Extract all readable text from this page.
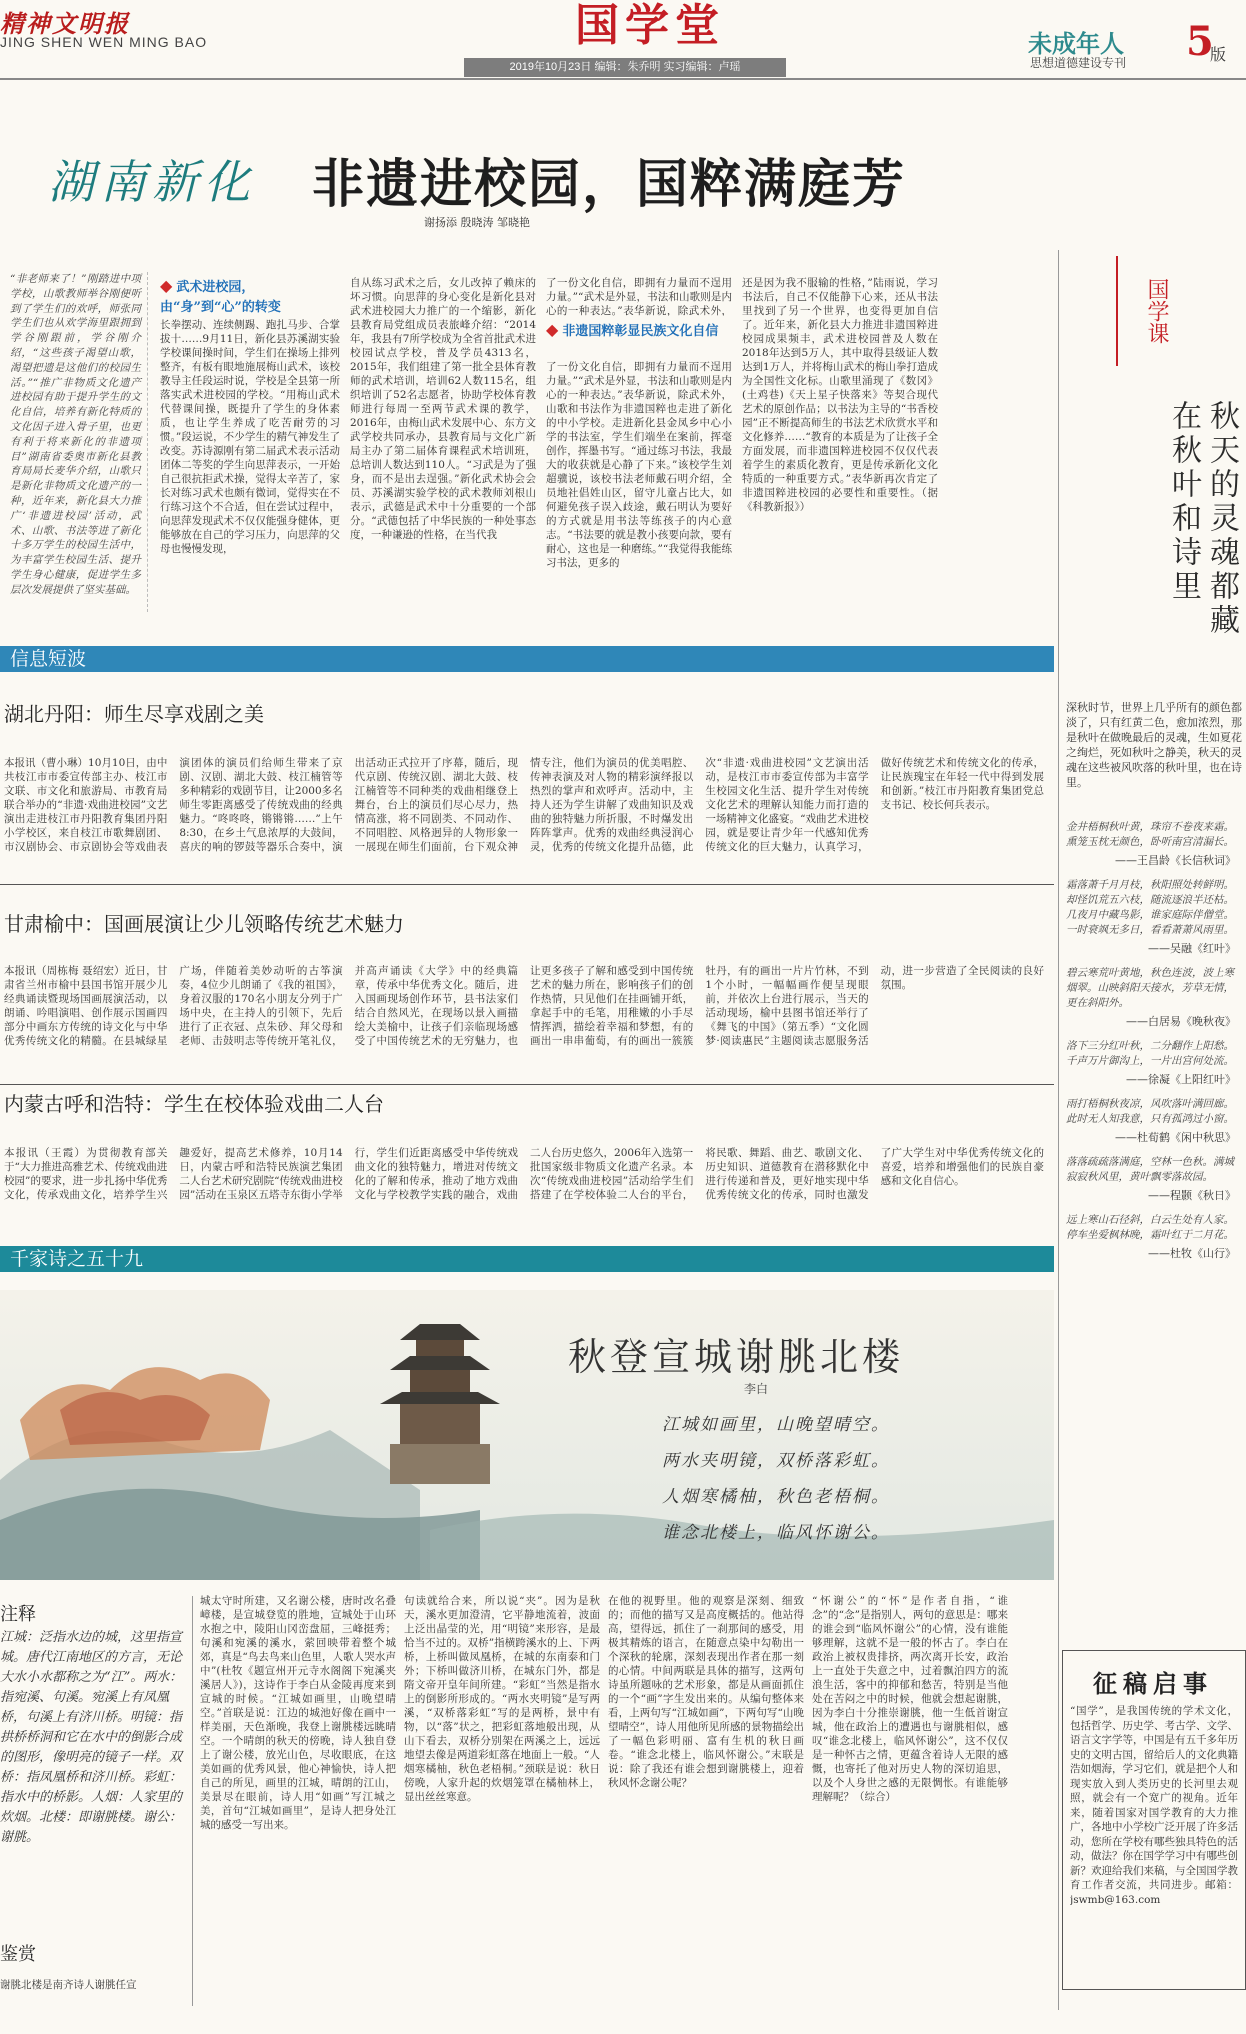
精神文明报
JING SHEN WEN MING BAO	国学堂
2019年10月23日 编辑：朱乔明 实习编辑：卢瑶
未成年人
思想道德建设专刊 5
版
湖南新化 非遗进校园，国粹满庭芳
谢扬添 殷晓涛 邹晓艳
“非老师来了！”刚踏进中项学校，山歌教师举谷刚便听到了学生们的欢呼，师张同学生们也从欢学海里跟拥到学谷刚跟前，学谷刚介绍，“这些孩子渴望山歌，渴望把遗是这他们的校园生活。”“推广非物质文化遗产进校园有助于提升学生的文化自信，培养有新化特质的文化因子进入骨子里，也更有利于将来新化的非遗项目”湖南省委奥市新化县教育局局长麦华介绍，山歌只是新化非物质文化遗产的一种，近年来，新化县大力推广‘非遗进校园’活动，武术、山歌、书法等进了新化十多万学生的校园生活中，为丰富学生校园生活、提升学生身心健康，促进学生多层次发展提供了坚实基础。
◆ 武术进校园，由“身”到“心”的转变
长拳摆动、连续侧踢、跑扎马步、合掌拔十……9月11日，新化县苏溪湖实验学校课间操时间，学生们在操场上排列整齐，有板有眼地施展梅山武术，该校教导主任段运时说，学校是全县第一所落实武术进校园的学校。“用梅山武术代替课间操，既提升了学生的身体素质，也让学生养成了吃苦耐劳的习惯。”段运说，不少学生的精气神发生了改变。苏诗源刚有第二届武术表示活动团体二等奖的学生向思萍表示，一开始自己很抗拒武术操，觉得太辛苦了，家长对练习武术也颇有微词，觉得实在不行练习这个不合适，但在尝试过程中，向思萍发现武术不仅仅能强身健体，更能够放在自己的学习压力，向思萍的父母也慢慢发现，
自从练习武术之后，女儿改掉了赖床的坏习惯。向思萍的身心变化是新化县对武术进校园大力推广的一个缩影，新化县教育局党组成员表旅峰介绍：“2014年，我县有7所学校成为全省首批武术进校园试点学校，普及学员4313名，2015年，我们组建了第一批全县体育教师的武术培训，培训62人数115名，组织培训了52名志愿者，协助学校体育教师进行每周一至两节武术课的教学，2016年，由梅山武术发展中心、东方文武学校共同承办，县教育局与文化广新局主办了第二届体育课程武术培训班，总培训人数达到110人。“习武是为了强身，而不是出去逞强。”新化武术协会会员、苏溪湖实验学校的武术教师刘根山表示，武德是武术中十分重要的一个部分。“武德包括了中华民族的一种处事态度，一种谦逊的性格，在当代我
了一份文化自信，即拥有力量而不逞用力量。”“武术是外显，书法和山歌则是内心的一种表达。”表华新说，除武术外，
◆ 非遗国粹彰显民族文化自信
了一份文化自信，即拥有力量而不逞用力量。”“武术是外显，书法和山歌则是内心的一种表达。”表华新说，除武术外，山歌和书法作为非遗国粹也走进了新化的中小学校。走进新化县金凤乡中心小学的书法室，学生们端坐在案前，挥毫创作，挥墨书写。“通过练习书法，我最大的收获就是心静了下来。”该校学生刘超骥说，该校书法老师戴石明介绍，全员地社倡姓山区，留守儿童占比大，如何避免孩子误入歧途，戴石明认为要好的方式就是用书法等练孩子的内心意志。“书法要的就是教小孩要向款，要有耐心，这也是一种磨练。”“我觉得我能练习书法，更多的
还是因为我不服输的性格，”陆雨说，学习书法后，自己不仅能静下心来，还从书法里找到了另一个世界，也变得更加自信了。近年来，新化县大力推进非遗国粹进校园成果频丰，武术进校园普及人数在2018年达到5万人，其中取得县级证人数达到1万人，并将梅山武术的梅山拳打造成为全国性文化标。山歌里涌现了《数冈》(土鸡巷)《天上星子快落来》等契合现代艺术的原创作品；以书法为主导的“书香校园”正不断提高师生的书法艺术欣赏水平和文化修养……“教育的本质是为了让孩子全方面发展，而非遗国粹进校园不仅仅代表着学生的素质化教育，更是传承新化文化特质的一种重要方式。”表华新再次肯定了非遗国粹进校园的必要性和重要性。（据《科教新报》）
信息短波
湖北丹阳：师生尽享戏剧之美
本报讯（曹小琳）10月10日，由中共枝江市市委宣传部主办、枝江市文联、市文化和旅游局、市教育局联合举办的“非遗·戏曲进校园”文艺演出走进枝江市丹阳教育集团丹阳小学校区，来自枝江市歌舞剧团、市汉剧协会、市京剧协会等戏曲表演团体的演员们给师生带来了京剧、汉剧、湖北大鼓、枝江楠管等多种精彩的戏剧节目，让2000多名师生零距离感受了传统戏曲的经典魅力。“咚咚咚，锵锵锵……”上午8:30，在乡土气息浓厚的大鼓间，喜庆的响的锣鼓等器乐合奏中，演出活动正式拉开了序幕，随后，现代京剧、传统汉剧、湖北大鼓、枝江楠管等不同种类的戏曲相继登上舞台，台上的演员们尽心尽力，热情高涨，将不同剧类、不同动作、不同唱腔、风格迥异的人物形象一一展现在师生们面前，台下观众神情专注，他们为演员的优美唱腔、传神表演及对人物的精彩演绎报以热烈的掌声和欢呼声。活动中，主持人还为学生讲解了戏曲知识及戏曲的独特魅力所折服，不时爆发出阵阵掌声。优秀的戏曲经典浸润心灵，优秀的传统文化提升品德，此次“非遗·戏曲进校园”文艺演出活动，是枝江市市委宣传部为丰富学生校园文化生活、提升学生对传统文化艺术的理解认知能力而打造的一场精神文化盛宴。“戏曲艺术进校园，就是要让青少年一代感知优秀传统文化的巨大魅力，认真学习，做好传统艺术和传统文化的传承，让民族瑰宝在年轻一代中得到发展和创新。”枝江市丹阳教育集团党总支书记、校长何兵表示。
甘肃榆中：国画展演让少儿领略传统艺术魅力
本报讯（周栋梅 聂绍宏）近日，甘肃省兰州市榆中县国书馆开展少儿经典诵读暨现场国画展演活动，以朗诵、吟唱演唱、创作展示国画四部分中画东方传统的诗文化与中华优秀传统文化的精髓。在县城绿星广场，伴随着美妙动听的古筝演奏，4位少儿朗诵了《我的祖国》，身着汉服的170名小朋友分列于广场中央，在主持人的引领下，先后进行了正衣冠、点朱砂、拜父母和老师、击鼓明志等传统开笔礼仪，并高声诵读《大学》中的经典篇章，传承中华优秀文化。随后，进入国画现场创作环节，县书法家们结合自然风光，在现场以景入画描绘大美榆中，让孩子们亲临现场感受了中国传统艺术的无穷魅力，也让更多孩子了解和感受到中国传统艺术的魅力所在，影响孩子们的创作热情，只见他们在挂画铺开纸，拿起手中的毛笔，用稚嫩的小手尽情挥洒，描绘着幸福和梦想，有的画出一串串葡萄，有的画出一簇簇牡丹，有的画出一片片竹林，不到1个小时，一幅幅画作便呈现眼前，并依次上台进行展示，当天的活动现场，榆中县图书馆还举行了《舞飞的中国》（第五季）“文化圆梦·阅读惠民”主题阅读志愿服务活动，进一步营造了全民阅读的良好氛围。
内蒙古呼和浩特：学生在校体验戏曲二人台
本报讯（王霞）为贯彻教育部关于“大力推进高雅艺术、传统戏曲进校园”的要求，进一步扎扬中华优秀文化，传承戏曲文化，培养学生兴趣爱好，提高艺术修养，10月14日，内蒙古呼和浩特民族演艺集团二人台艺术研究剧院“传统戏曲进校园”活动在玉泉区五塔寺东街小学举行，学生们近距离感受中华传统戏曲文化的独特魅力，增进对传统文化的了解和传承，推动了地方戏曲文化与学校教学实践的融合，戏曲二人台历史悠久，2006年入选第一批国家级非物质文化遗产名录。本次“传统戏曲进校园”活动给学生们搭建了在学校体验二人台的平台，将民歌、舞蹈、曲艺、歌剧文化、历史知识、道德教育在潜移默化中进行传递和普及，更好地实现中华优秀传统文化的传承，同时也激发了广大学生对中华优秀传统文化的喜爱，培养和增强他们的民族自豪感和文化自信心。
千家诗之五十九
秋登宣城谢朓北楼
李白
江城如画里，山晚望晴空。
两水夹明镜，双桥落彩虹。
人烟寒橘柚，秋色老梧桐。
谁念北楼上，临风怀谢公。
注释
江城：泛指水边的城，这里指宣城。唐代江南地区的方言，无论大水小水都称之为“江”。两水：指宛溪、句溪。宛溪上有凤凰桥，句溪上有济川桥。明镜：指拱桥桥洞和它在水中的倒影合成的图形，像明亮的镜子一样。双桥：指凤凰桥和济川桥。彩虹：指水中的桥影。人烟：人家里的炊烟。北楼：即谢朓楼。谢公：谢朓。
鉴赏
谢朓北楼是南齐诗人谢朓任宣
城太守时所建，又名谢公楼，唐时改名叠嶂楼，是宣城登览的胜地，宣城处于山环水抱之中，陵阳山冈峦盘屈，三峰挺秀；句溪和宛溪的溪水，萦回映带着整个城郊，真是“鸟去鸟来山色里，人歌人哭水声中”(杜牧《题宣州开元寺水阁阁下宛溪夹溪居人》)，这诗作于李白从金陵再度来到宣城的时候。“江城如画里，山晚望晴空。”首联是说：江边的城池好像在画中一样美丽，天色渐晚，我登上谢朓楼远眺晴空。一个晴朗的秋天的傍晚，诗人独自登上了谢公楼，放光山色，尽收眼底，在这美如画的优秀风景，他心神愉快，诗人把自己的所见，画里的江城，晴朗的江山，美景尽在眼前，诗人用“如画”写江城之美，首句“江城如画里”，是诗人把身处江城的感受一写出来。
句读就给合来，所以说“夹”。因为是秋天，溪水更加澄清，它平静地流着，波面上泛出晶莹的光，用“明镜”来形容，是最恰当不过的。双桥”指横跨溪水的上、下两桥，上桥叫做凤凰桥，在城的东南泰和门外；下桥叫做济川桥，在城东门外，都是隋文帝开皇年间所建。“彩虹”当然是指水上的倒影所形成的。“两水夹明镜”是写两溪，“双桥落彩虹”写的是两桥，景中有物，以“落”状之，把彩虹落地般出现，从山下看去，双桥分别架在两溪之上，远远地望去像是两道彩虹落在地面上一般。“人烟寒橘柚，秋色老梧桐。”颈联是说：秋日傍晚，人家升起的炊烟笼罩在橘柚林上，显出丝丝寒意。
在他的视野里。他的观察是深刻、细致的；而他的描写又是高度概括的。他站得高，望得远，抓住了一刹那间的感受，用极其精炼的语言，在随意点染中勾勒出一个深秋的轮廓，深刻表现出作者在那一刻的心情。中间两联是具体的描写，这两句诗虽所题咏的艺术形象，都是从画面抓住的一个“画”字生发出来的。从编句整体来看，上两句写“江城如画”，下两句写“山晚望晴空”，诗人用他所见所感的景物描绘出了一幅色彩明丽、富有生机的秋日画卷。“谁念北楼上，临风怀谢公。”末联是说：除了我还有谁会想到谢朓楼上，迎着秋风怀念谢公呢？
“怀谢公”的“怀”是作者自指，“谁念”的“念”是指别人，两句的意思是：哪来的谁会到“临风怀谢公”的心情，没有谁能够理解，这就不是一般的怀古了。李白在政治上被权贵排挤，两次离开长安，政治上一直处于失意之中，过着飘泊四方的流浪生活，客中的抑郁和愁苦，特别是当他处在苦闷之中的时候，他就会想起谢朓，因为李白十分推崇谢朓，他一生低首谢宣城，他在政治上的遭遇也与谢朓相似，感叹“谁念北楼上，临风怀谢公”，这不仅仅是一种怀古之情，更蕴含着诗人无限的感慨，也寄托了他对历史人物的深切追思，以及个人身世之感的无限惆怅。有谁能够理解呢？（综合）
国学课
秋天的灵魂都藏在秋叶和诗里
深秋时节，世界上几乎所有的颜色都淡了，只有红黄二色，愈加浓烈，那是秋叶在做晚最后的灵魂，生如夏花之绚烂，死如秋叶之静美，秋天的灵魂在这些被风吹落的秋叶里，也在诗里。
金井梧桐秋叶黄，珠帘不卷夜来霜。熏笼玉枕无颜色，卧听南宫清漏长。
——王昌龄《长信秋词》
霜落萧千月月枝，秋阳照处转鲜明。却怪饥荒五六枝，随流逐浪半还枯。几夜月中藏鸟影，谁家庭际伴僧堂。一时衰飒无多日，看看萧萧风雨里。
——吴融《红叶》
碧云寒荒叶黄地，秋色连波，波上寒烟翠。山映斜阳天接水，芳草无情，更在斜阳外。
——白居易《晚秋夜》
洛下三分红叶秋，二分翻作上阳愁。千声万片御沟上，一片出宫何处流。
——徐凝《上阳红叶》
雨打梧桐秋夜凉，风吹落叶满回廊。此时无人知我意，只有孤鸿过小窗。
——杜荀鹤《闲中秋思》
落落疏疏落满庭，空林一色秋。满城寂寂秋风里，黄叶飘零落故园。
——程颢《秋日》
远上寒山石径斜，白云生处有人家。停车坐爱枫林晚，霜叶红于二月花。
——杜牧《山行》
征稿启事
“国学”，是我国传统的学术文化，包括哲学、历史学、考古学、文学、语言文字学等，中国是有五千多年历史的文明古国，留给后人的文化典籍浩如烟海，学习它们，就是把个人和现实放入到人类历史的长河里去观照，就会有一个宽广的视角。近年来，随着国家对国学教育的大力推广，各地中小学校广泛开展了许多活动，您所在学校有哪些独具特色的活动，做法？你在国学学习中有哪些创新？欢迎给我们来稿，与全国国学教育工作者交流，共同进步。邮箱：jswmb@163.com
